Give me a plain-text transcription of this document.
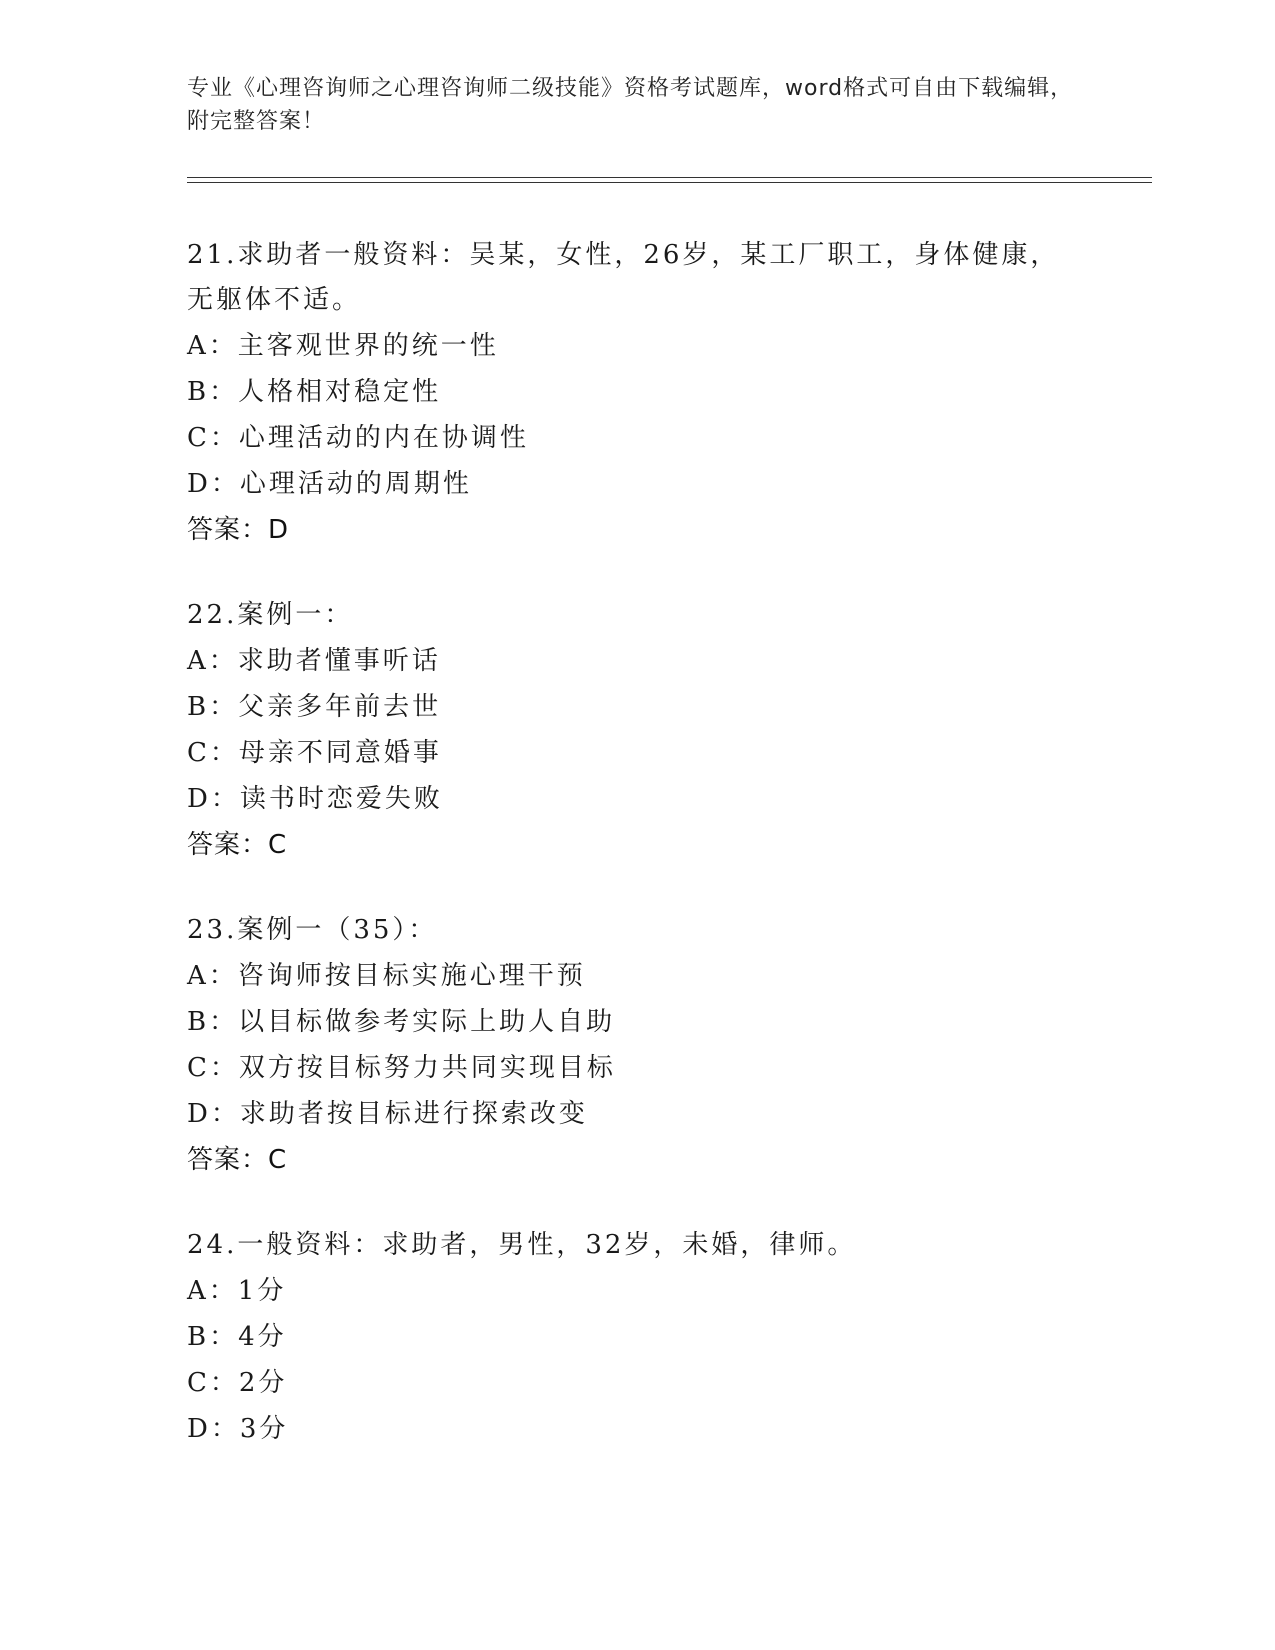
专业《心理咨询师之心理咨询师二级技能》资格考试题库，word格式可自由下载编辑，附完整答案！
21.求助者一般资料：吴某，女性，26岁，某工厂职工，身体健康，无躯体不适。
A：主客观世界的统一性
B：人格相对稳定性
C：心理活动的内在协调性
D：心理活动的周期性
答案：D
22.案例一：
A：求助者懂事听话
B：父亲多年前去世
C：母亲不同意婚事
D：读书时恋爱失败
答案：C
23.案例一（35）：
A：咨询师按目标实施心理干预
B：以目标做参考实际上助人自助
C：双方按目标努力共同实现目标
D：求助者按目标进行探索改变
答案：C
24.一般资料：求助者，男性，32岁，未婚，律师。
A：1分
B：4分
C：2分
D：3分
